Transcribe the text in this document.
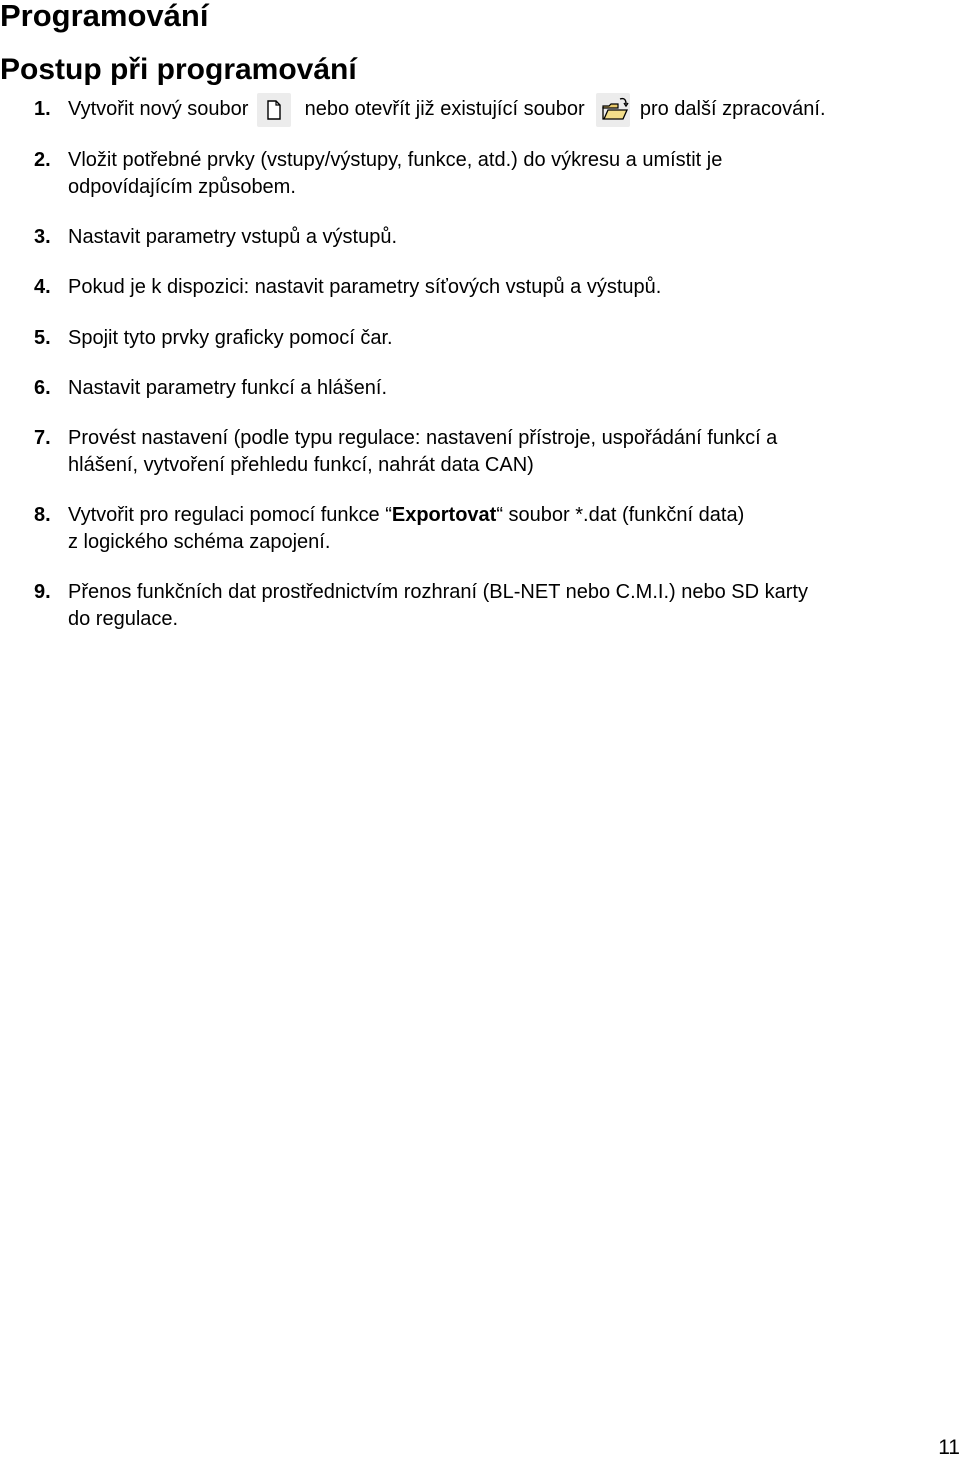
Programování
Postup při programování
1. Vytvořit nový soubor	nebo otevřít již existující soubor	pro další zpracování.
2. Vložit potřebné prvky (vstupy/výstupy, funkce, atd.) do výkresu a umístit je
odpovídajícím způsobem.
3. Nastavit parametry vstupů a výstupů.
4. Pokud je k dispozici: nastavit parametry síťových vstupů a výstupů.
5. Spojit tyto prvky graficky pomocí čar.
6. Nastavit parametry funkcí a hlášení.
7. Provést nastavení (podle typu regulace: nastavení přístroje, uspořádání funkcí a
hlášení, vytvoření přehledu funkcí, nahrát data CAN)
8. Vytvořit pro regulaci pomocí funkce “Exportovat“ soubor *.dat (funkční data)
z logického schéma zapojení.
9. Přenos funkčních dat prostřednictvím rozhraní (BL-NET nebo C.M.I.) nebo SD karty
do regulace.
11
